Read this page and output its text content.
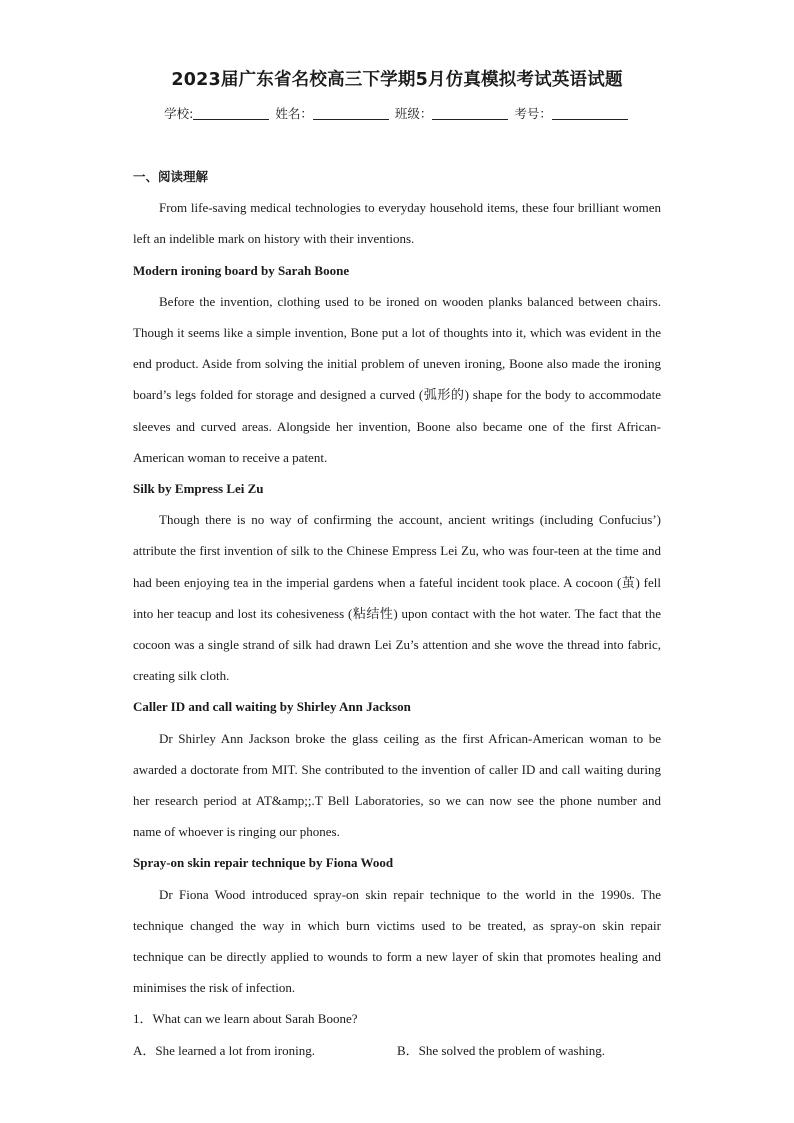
2023届广东省名校高三下学期5月仿真模拟考试英语试题
学校:	姓名：	班级：	考号：
一、阅读理解

From life-saving medical technologies to everyday household items, these four brilliant women left an indelible mark on history with their inventions.

Modern ironing board by Sarah Boone

Before the invention, clothing used to be ironed on wooden planks balanced between chairs. Though it seems like a simple invention, Bone put a lot of thoughts into it, which was evident in the end product. Aside from solving the initial problem of uneven ironing, Boone also made the ironing board’s legs folded for storage and designed a curved (弧形的) shape for the body to accommodate sleeves and curved areas. Alongside her invention, Boone also became one of the first African-American woman to receive a patent.

Silk by Empress Lei Zu

Though there is no way of confirming the account, ancient writings (including Confucius’) attribute the first invention of silk to the Chinese Empress Lei Zu, who was four-teen at the time and had been enjoying tea in the imperial gardens when a fateful incident took place. A cocoon (茧) fell into her teacup and lost its cohesiveness (粘结性) upon contact with the hot water. The fact that the cocoon was a single strand of silk had drawn Lei Zu’s attention and she wove the thread into fabric, creating silk cloth.

Caller ID and call waiting by Shirley Ann Jackson

Dr Shirley Ann Jackson broke the glass ceiling as the first African-American woman to be awarded a doctorate from MIT. She contributed to the invention of caller ID and call waiting during her research period at AT&amp;;.T Bell Laboratories, so we can now see the phone number and name of whoever is ringing our phones.

Spray-on skin repair technique by Fiona Wood

Dr Fiona Wood introduced spray-on skin repair technique to the world in the 1990s. The technique changed the way in which burn victims used to be treated, as spray-on skin repair technique can be directly applied to wounds to form a new layer of skin that promotes healing and minimises the risk of infection.

1．What can we learn about Sarah Boone?
A．She learned a lot from ironing.	B．She solved the problem of washing.
